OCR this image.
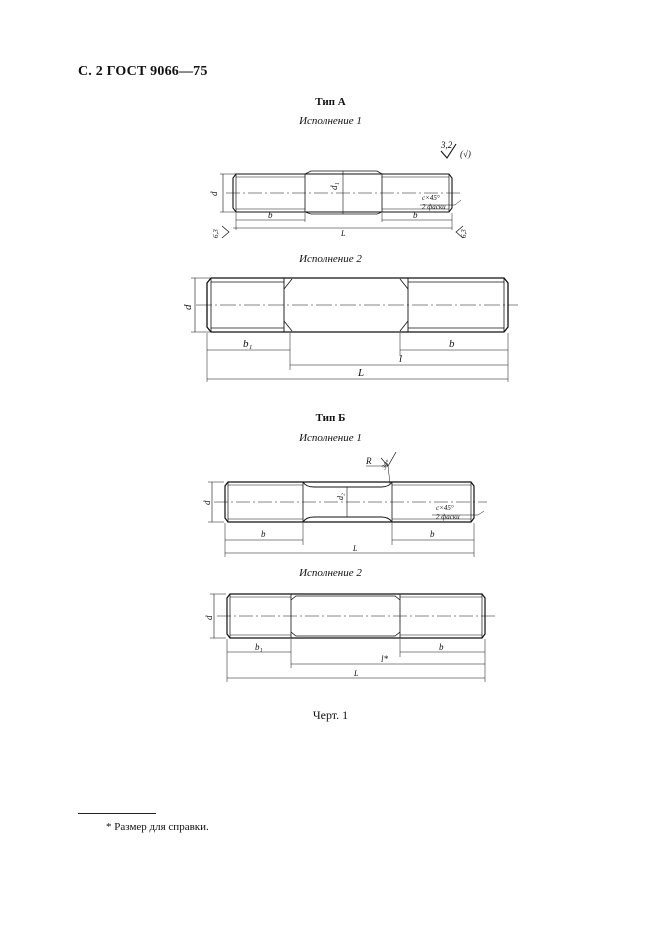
С. 2 ГОСТ 9066—75
Тип А
Исполнение 1
3,2
(√)
d
d₁
b	b
L
c×45°
2 фаски
6,3	6,3
Исполнение 2
d
b₁	b
l
L
Тип Б
Исполнение 1
d
d₂
R 30°
b	b
L
c×45°
2 фаски
Исполнение 2
d
b₁	b
l*
L
Черт. 1
* Размер для справки.
